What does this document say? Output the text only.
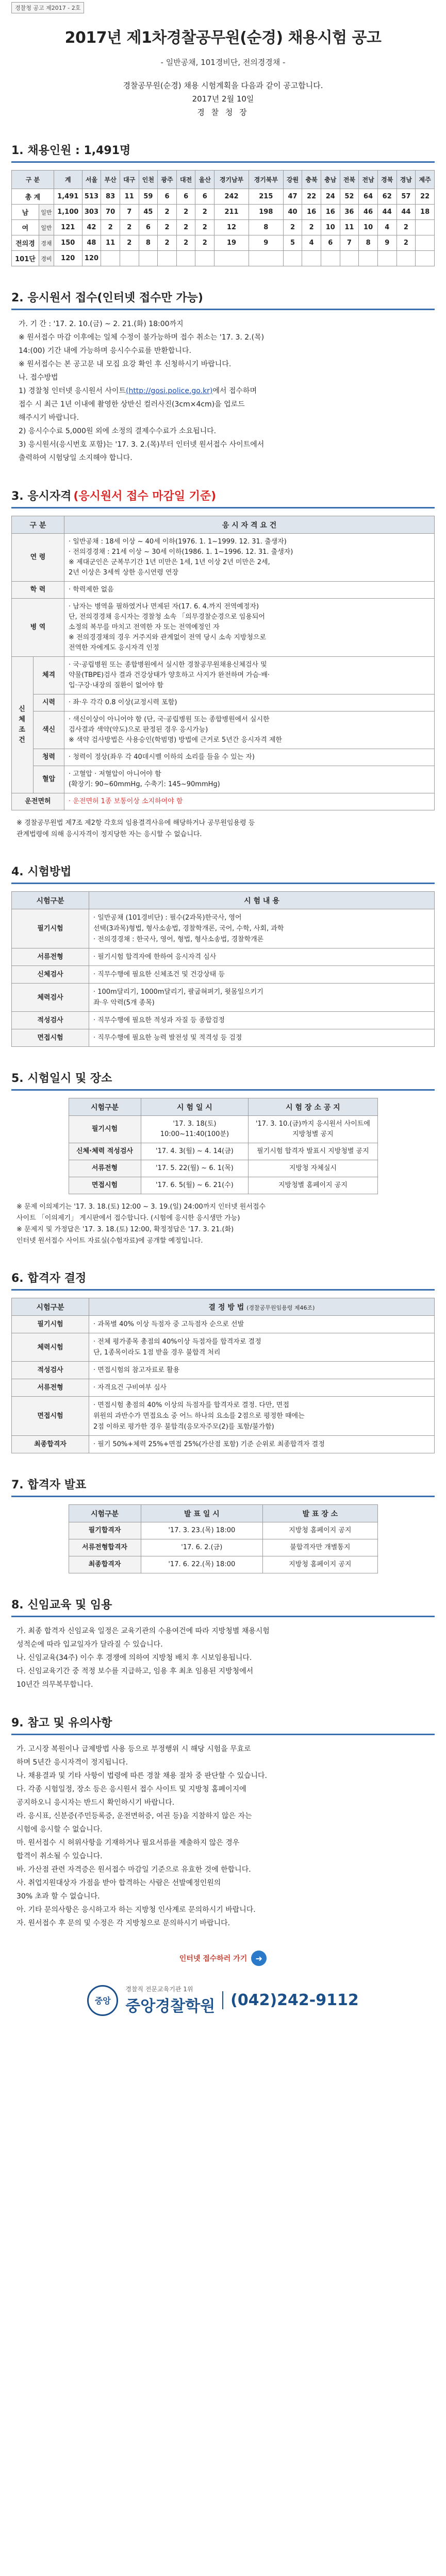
경찰청 공고 제2017 - 2호
2017년 제1차경찰공무원(순경) 채용시험 공고
- 일반공채, 101경비단, 전의경경채 -
경찰공무원(순경) 채용 시험계획을 다음과 같이 공고합니다.
2017년 2월 10일
경 찰 청 장
1. 채용인원 : 1,491명
구 분		계	서울	부산	대구	인천	광주	대전	울산	경기남부	경기북부	강원	충북	충남	전북	전남	경북	경남	제주
총 계		1,491	513	83	11	59	6	6	6	242	215	47	22	24	52	64	62	57	22
남	일반	1,100	303	70	7	45	2	2	2	211	198	40	16	16	36	46	44	44	18
여	일반	121	42	2	2	6	2	2	2	12	8	2	2	10	11	10	4	2	
전의경	경채	150	48	11	2	8	2	2	2	19	9	5	4	6	7	8	9	2	
101단	경비	120	120																
2. 응시원서 접수(인터넷 접수만 가능)
가. 기 간 : '17. 2. 10.(금) ~ 2. 21.(화) 18:00까지
※ 원서접수 마감 이후에는 일체 수정이 불가능하며 접수 취소는 '17. 3. 2.(목)
14:(00) 기간 내에 가능하며 응시수수료를 반환합니다.
※ 원서접수는 본 공고문 내 모집 요강 확인 후 신청하시기 바랍니다.
나. 접수방법
1) 경찰청 인터넷 응시원서 사이트(http://gosi.police.go.kr)에서 접수하며
접수 시 최근 1년 이내에 촬영한 상반신 컬러사진(3cm×4cm)을 업로드
해주시기 바랍니다.
2) 응시수수료 5,000원 외에 소정의 결제수수료가 소요됩니다.
3) 응시원서(응시번호 포함)는 '17. 3. 2.(목)부터 인터넷 원서접수 사이트에서
출력하여 시험당일 소지해야 합니다.
3. 응시자격 (응시원서 접수 마감일 기준)
구 분		응 시 자 격 요 건
연 령		· 일반공채 : 18세 이상 ~ 40세 이하(1976. 1. 1~1999. 12. 31. 출생자)
· 전의경경채 : 21세 이상 ~ 30세 이하(1986. 1. 1~1996. 12. 31. 출생자)
※ 제대군인은 군복무기간 1년 미만은 1세, 1년 이상 2년 미만은 2세,
2년 이상은 3세씩 상한 응시연령 연장

학 력		· 학력제한 없음

병 역		· 남자는 병역을 필하였거나 면제된 자(17. 6. 4.까지 전역예정자)
단, 전의경경채 응시자는 경찰청 소속 「의무경찰순경으로 임용되어
소정의 복무를 마치고 전역한 자 또는 전역예정인 자
※ 전의경경채의 경우 거주지와 관계없이 전역 당시 소속 지방청으로
전역한 자에게도 응시자격 인정

신체조건	체격	· 국·공립병원 또는 종합병원에서 실시한 경찰공무원채용신체검사 및
약물(TBPE)검사 결과 건강상태가 양호하고 사지가 완전하며 가슴·배·
입·구강·내장의 질환이 없어야 함

	시력	· 좌·우 각각 0.8 이상(교정시력 포함)

	색신	· 색신이상이 아니어야 함 (단, 국·공립병원 또는 종합병원에서 실시한
검사결과 색약(약도)으로 판정된 경우 응시가능)
※ 색약 검사방법은 사용승인(학범명) 방법에 근거로 5년간 응시자격 제한

	청력	· 청력이 정상(좌우 각 40데시벨 이하의 소리를 들을 수 있는 자)

	혈압	· 고혈압 · 저혈압이 아니어야 함
(확장기: 90~60mmHg, 수축기: 145~90mmHg)

운전면허		· 운전면허 1종 보통이상 소지하여야 함
※ 경찰공무원법 제7조 제2항 각호의 임용결격사유에 해당하거나 공무원임용령 등
관계법령에 의해 응시자격이 정지당한 자는 응시할 수 없습니다.
4. 시험방법
시험구분	시 험 내 용
필기시험	· 일반공채 (101경비단) : 필수(2과목)한국사, 영어
선택(3과목)형법, 형사소송법, 경찰학개론, 국어, 수학, 사회, 과학
· 전의경경채 : 한국사, 영어, 형법, 형사소송법, 경찰학개론

서류전형	· 필기시험 합격자에 한하여 응시자격 심사

신체검사	· 직무수행에 필요한 신체조건 및 건강상태 등

체력검사	· 100m달리기, 1000m달리기, 팔굽혀펴기, 윗몸일으키기
좌·우 악력(5개 종목)

적성검사	· 직무수행에 필요한 적성과 자질 등 종합검정

면접시험	· 직무수행에 필요한 능력 발전성 및 적격성 등 검정
5. 시험일시 및 장소
시험구분	시 험 일 시	시 험 장 소 공 지
필기시험	'17. 3. 18(토) 10:00~11:40(100분)	'17. 3. 10.(금)까지 응시원서 사이트에 지방청별 공지
신체·체력 적성검사	'17. 4. 3(월) ~ 4. 14(금)	필기시험 합격자 발표시 지방청별 공지
서류전형	'17. 5. 22(월) ~ 6. 1(목)	지방청 자체실시
면접시험	'17. 6. 5(월) ~ 6. 21(수)	지방청별 홈페이지 공지
※ 문제 이의제기는 '17. 3. 18.(토) 12:00 ~ 3. 19.(일) 24:00까지 인터넷 원서접수
사이트 「이의제기」 게시판에서 접수합니다. (시험에 응시한 응시생만 가능)
※ 문제지 및 가정답은 '17. 3. 18.(토) 12:00, 확정정답은 '17. 3. 21.(화)
인터넷 원서접수 사이트 자료실(수험자료)에 공개할 예정입니다.
6. 합격자 결정
시험구분	결 정 방 법 (경찰공무원임용령 제46조)
필기시험	· 과목별 40% 이상 득점자 중 고득점자 순으로 선발

체력시험	· 전체 평가종목 총점의 40%이상 득점자를 합격자로 결정
단, 1종목이라도 1점 받을 경우 불합격 처리

적성검사	· 면접시험의 참고자료로 활용

서류전형	· 자격요건 구비여부 심사

면접시험	· 면접시험 총점의 40% 이상의 득점자를 합격자로 결정. 다만, 면접
위원의 과반수가 면접요소 중 어느 하나의 요소를 2점으로 평정한 때에는
2점 이하로 평가한 경우 불합격(응모자주모(2)를 포함/불가함)

최종합격자	· 필기 50%+체력 25%+면접 25%(가산점 포함) 기준 순위로 최종합격자 결정
7. 합격자 발표
시험구분	발 표 일 시	발 표 장 소
필기합격자	'17. 3. 23.(목) 18:00	지방청 홈페이지 공지
서류전형합격자	'17. 6. 2.(금)	불합격자만 개별통지
최종합격자	'17. 6. 22.(목) 18:00	지방청 홈페이지 공지
8. 신임교육 및 임용
가. 최종 합격자 신임교육 일정은 교육기관의 수용여건에 따라 지방청별 채용시험
성적순에 따라 입교일자가 달라질 수 있습니다.
나. 신임교육(34주) 이수 후 경쟁에 의하여 지방청 배치 후 시보임용됩니다.
다. 신임교육기간 중 적정 보수를 지급하고, 임용 후 최초 임용된 지방청에서
10년간 의무복무합니다.
9. 참고 및 유의사항
가. 고시장 복원이나 급제방법 사용 등으로 부정행위 시 해당 시험을 무효로
하며 5년간 응시자격이 정지됩니다.
나. 채용결과 및 기타 사항이 법령에 따른 경찰 채용 절차 중 판단할 수 있습니다.
다. 각종 시험일정, 장소 등은 응시원서 접수 사이트 및 지방청 홈페이지에
공지하오니 응시자는 반드시 확인하시기 바랍니다.
라. 응시표, 신분증(주민등록증, 운전면허증, 여권 등)을 지참하지 않은 자는
시험에 응시할 수 없습니다.
마. 원서접수 시 허위사항을 기재하거나 필요서류를 제출하지 않은 경우
합격이 취소될 수 있습니다.
바. 가산점 관련 자격증은 원서접수 마감일 기준으로 유효한 것에 한합니다.
사. 취업지원대상자 가점을 받아 합격하는 사람은 선발예정인원의
30% 초과 할 수 없습니다.
아. 기타 문의사항은 응시하고자 하는 지방청 인사계로 문의하시기 바랍니다.
자. 원서접수 후 문의 및 수정은 각 지방청으로 문의하시기 바랍니다.
인터넷 접수하러 가기	➜
중앙
경찰직 전문교육기관 1위
중앙경찰학원	(042)242-9112
